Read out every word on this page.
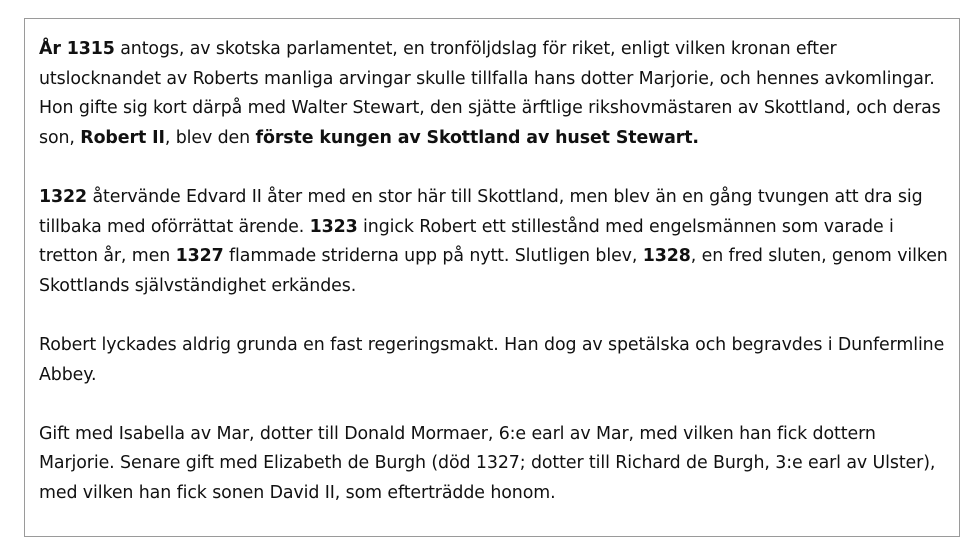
År 1315 antogs, av skotska parlamentet, en tronföljdslag för riket, enligt vilken kronan efter utslocknandet av Roberts manliga arvingar skulle tillfalla hans dotter Marjorie, och hennes avkomlingar. Hon gifte sig kort därpå med Walter Stewart, den sjätte ärftlige rikshovmästaren av Skottland, och deras son, Robert II, blev den förste kungen av Skottland av huset Stewart.

1322 återvände Edvard II åter med en stor här till Skottland, men blev än en gång tvungen att dra sig tillbaka med oförrättat ärende. 1323 ingick Robert ett stillestånd med engelsmännen som varade i tretton år, men 1327 flammade striderna upp på nytt. Slutligen blev, 1328, en fred sluten, genom vilken Skottlands självständighet erkändes.

Robert lyckades aldrig grunda en fast regeringsmakt. Han dog av spetälska och begravdes i Dunfermline Abbey.

Gift med Isabella av Mar, dotter till Donald Mormaer, 6:e earl av Mar, med vilken han fick dottern Marjorie. Senare gift med Elizabeth de Burgh (död 1327; dotter till Richard de Burgh, 3:e earl av Ulster), med vilken han fick sonen David II, som efterträdde honom.
